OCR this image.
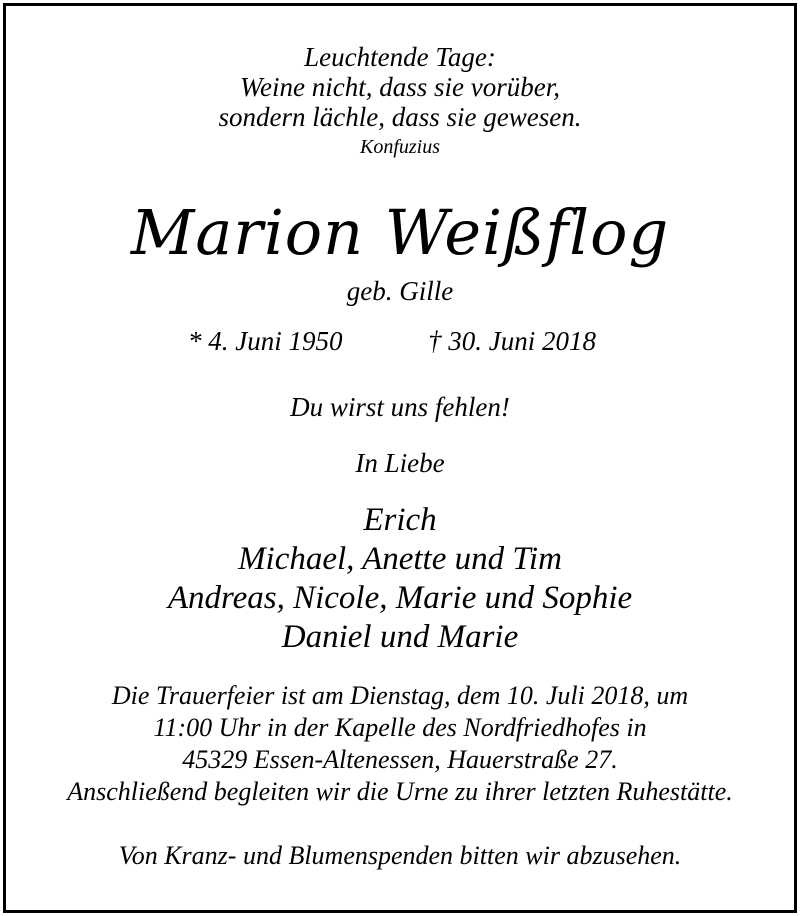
Leuchtende Tage:
Weine nicht, dass sie vorüber,
sondern lächle, dass sie gewesen.
Konfuzius
Marion Weißflog
geb. Gille
* 4. Juni 1950	† 30. Juni 2018
Du wirst uns fehlen!
In Liebe
Erich
Michael, Anette und Tim
Andreas, Nicole, Marie und Sophie
Daniel und Marie
Die Trauerfeier ist am Dienstag, dem 10. Juli 2018, um
11:00 Uhr in der Kapelle des Nordfriedhofes in
45329 Essen-Altenessen, Hauerstraße 27.
Anschließend begleiten wir die Urne zu ihrer letzten Ruhestätte.
Von Kranz- und Blumenspenden bitten wir abzusehen.
